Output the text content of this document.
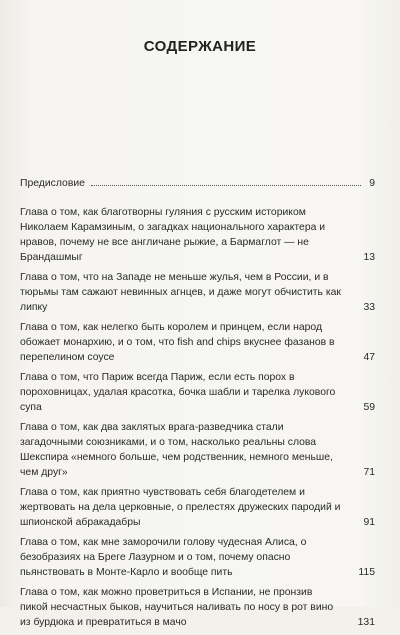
СОДЕРЖАНИЕ
Предисловие	9
Глава о том, как благотворны гуляния с русским историком Николаем Карамзиным, о загадках национального характера и нравов, почему не все англичане рыжие, а Бармаглот — не Брандашмыг	13
Глава о том, что на Западе не меньше жулья, чем в России, и в тюрьмы там сажают невинных агнцев, и даже могут обчистить как липку	33
Глава о том, как нелегко быть королем и принцем, если народ обожает монархию, и о том, что fish and chips вкуснее фазанов в перепелином соусе	47
Глава о том, что Париж всегда Париж, если есть порох в пороховницах, удалая красотка, бочка шабли и тарелка лукового супа	59
Глава о том, как два заклятых врага-разведчика стали загадочными союзниками, и о том, насколько реальны слова Шекспира «немного больше, чем родственник, немного меньше, чем друг»	71
Глава о том, как приятно чувствовать себя благодетелем и жертвовать на дела церковные, о прелестях дружеских пародий и шпионской абракадабры	91
Глава о том, как мне заморочили голову чудесная Алиса, о безобразиях на Бреге Лазурном и о том, почему опасно пьянствовать в Монте-Карло и вообще пить	115
Глава о том, как можно проветриться в Испании, не пронзив пикой несчастных быков, научиться наливать по носу в рот вино из бурдюка и превратиться в мачо	131
